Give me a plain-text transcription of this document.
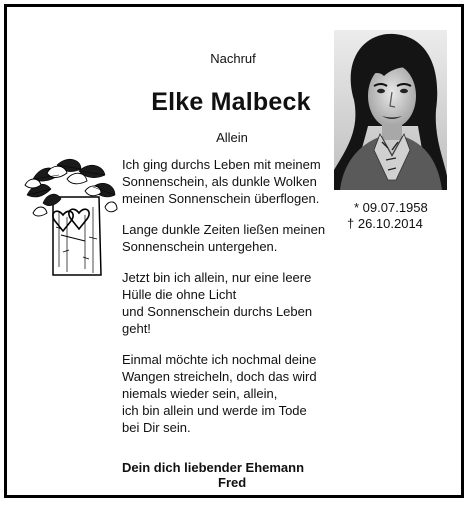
Nachruf
Elke Malbeck
Allein
Ich ging durchs Leben mit meinem
Sonnenschein, als dunkle Wolken
meinen Sonnenschein überflogen.
Lange dunkle Zeiten ließen meinen
Sonnenschein untergehen.
Jetzt bin ich allein, nur eine leere
Hülle die ohne Licht
und Sonnenschein durchs Leben
geht!
Einmal möchte ich nochmal deine
Wangen streicheln, doch das wird
niemals wieder sein, allein,
ich bin allein und werde im Tode
bei Dir sein.
* 09.07.1958
† 26.10.2014
Dein dich liebender Ehemann
Fred
